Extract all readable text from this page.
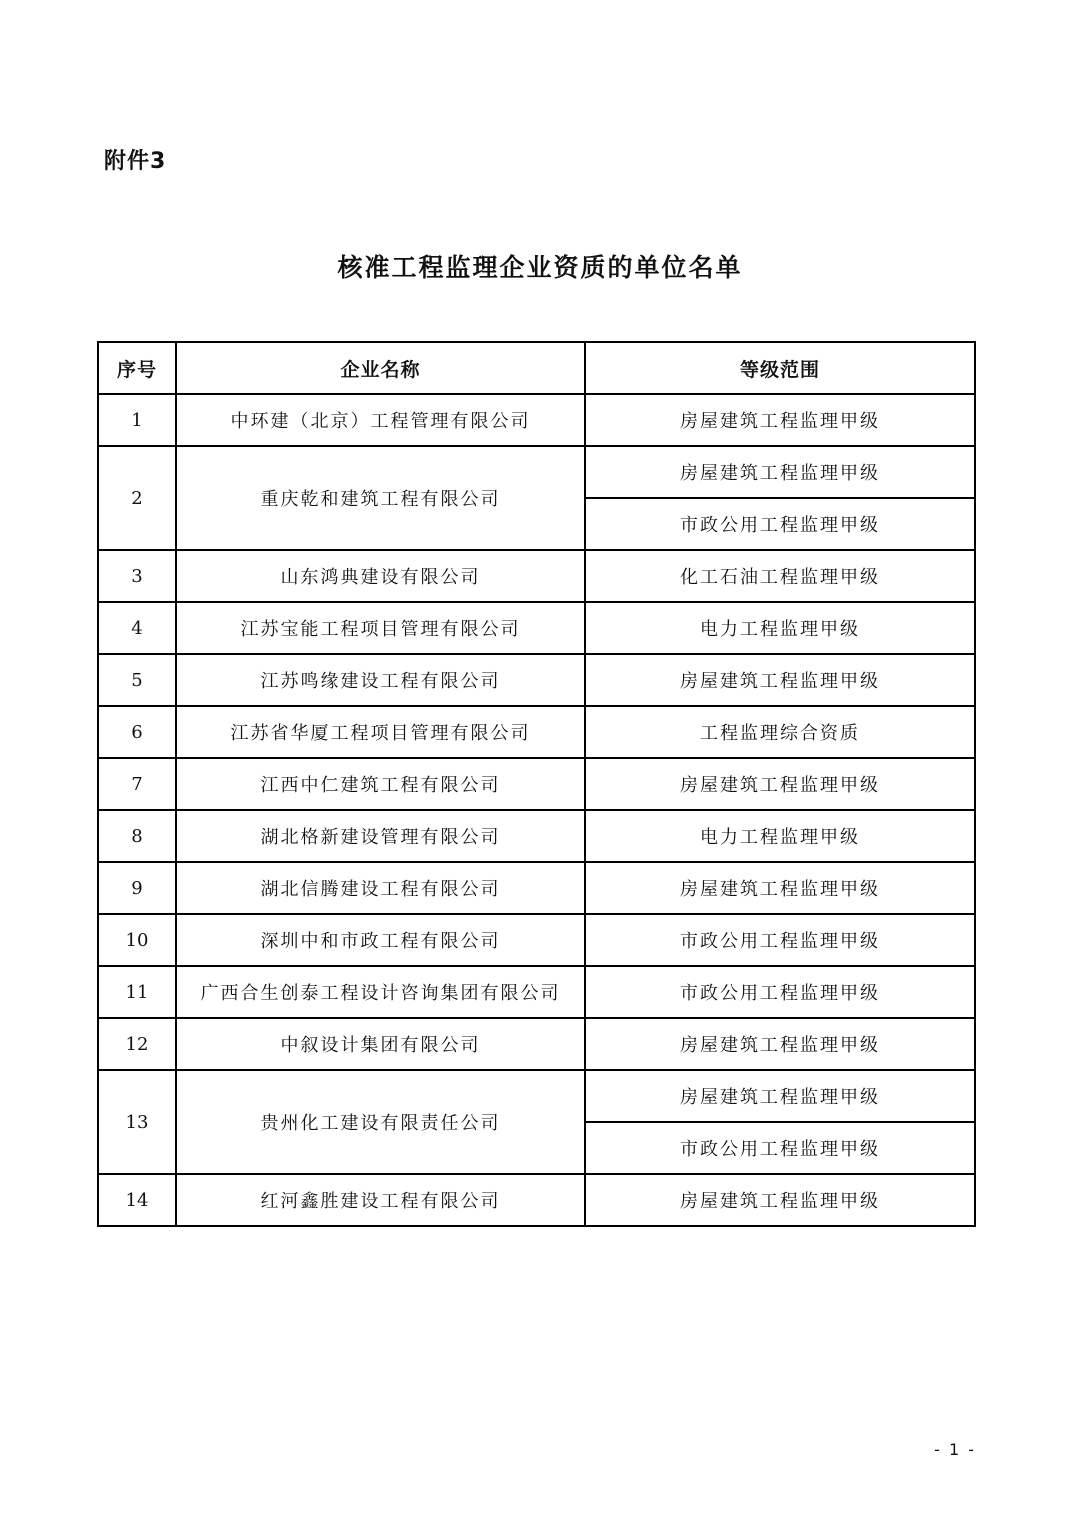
附件3
核准工程监理企业资质的单位名单
序号	企业名称	等级范围
1	中环建（北京）工程管理有限公司	房屋建筑工程监理甲级
2	重庆乾和建筑工程有限公司	房屋建筑工程监理甲级
		市政公用工程监理甲级
3	山东鸿典建设有限公司	化工石油工程监理甲级
4	江苏宝能工程项目管理有限公司	电力工程监理甲级
5	江苏鸣缘建设工程有限公司	房屋建筑工程监理甲级
6	江苏省华厦工程项目管理有限公司	工程监理综合资质
7	江西中仁建筑工程有限公司	房屋建筑工程监理甲级
8	湖北格新建设管理有限公司	电力工程监理甲级
9	湖北信腾建设工程有限公司	房屋建筑工程监理甲级
10	深圳中和市政工程有限公司	市政公用工程监理甲级
11	广西合生创泰工程设计咨询集团有限公司	市政公用工程监理甲级
12	中叙设计集团有限公司	房屋建筑工程监理甲级
13	贵州化工建设有限责任公司	房屋建筑工程监理甲级
		市政公用工程监理甲级
14	红河鑫胜建设工程有限公司	房屋建筑工程监理甲级
- 1 -
